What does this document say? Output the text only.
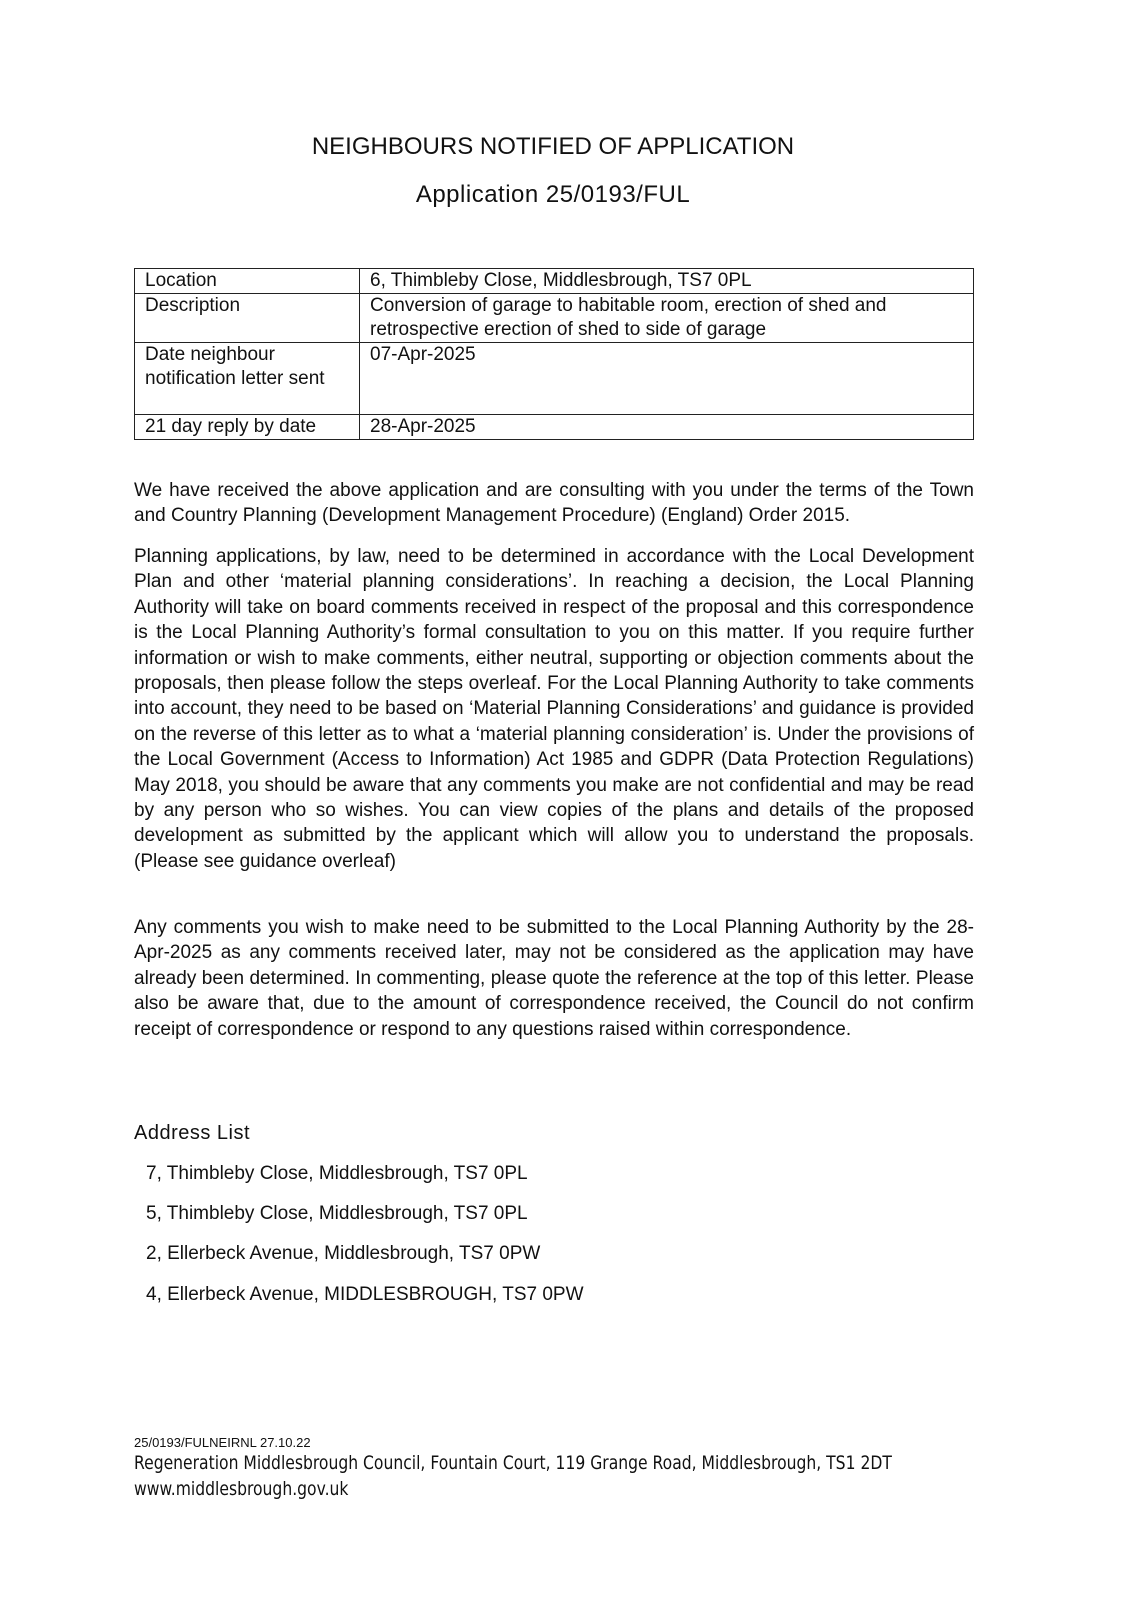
NEIGHBOURS NOTIFIED OF APPLICATION
Application 25/0193/FUL
Location	6, Thimbleby Close, Middlesbrough, TS7 0PL
Description	Conversion of garage to habitable room, erection of shed and retrospective erection of shed to side of garage
Date neighbour notification letter sent	07-Apr-2025
21 day reply by date	28-Apr-2025

We have received the above application and are consulting with you under the terms of the Town and Country Planning (Development Management Procedure) (England) Order 2015.

Planning applications, by law, need to be determined in accordance with the Local Development Plan and other ‘material planning considerations’. In reaching a decision, the Local Planning Authority will take on board comments received in respect of the proposal and this correspondence is the Local Planning Authority’s formal consultation to you on this matter. If you require further information or wish to make comments, either neutral, supporting or objection comments about the proposals, then please follow the steps overleaf. For the Local Planning Authority to take comments into account, they need to be based on ‘Material Planning Considerations’ and guidance is provided on the reverse of this letter as to what a ‘material planning consideration’ is. Under the provisions of the Local Government (Access to Information) Act 1985 and GDPR (Data Protection Regulations) May 2018, you should be aware that any comments you make are not confidential and may be read by any person who so wishes. You can view copies of the plans and details of the proposed development as submitted by the applicant which will allow you to understand the proposals. (Please see guidance overleaf)

Any comments you wish to make need to be submitted to the Local Planning Authority by the 28-Apr-2025 as any comments received later, may not be considered as the application may have already been determined. In commenting, please quote the reference at the top of this letter. Please also be aware that, due to the amount of correspondence received, the Council do not confirm receipt of correspondence or respond to any questions raised within correspondence.

Address List
7, Thimbleby Close, Middlesbrough, TS7 0PL
5, Thimbleby Close, Middlesbrough, TS7 0PL
2, Ellerbeck Avenue, Middlesbrough, TS7 0PW
4, Ellerbeck Avenue, MIDDLESBROUGH, TS7 0PW
25/0193/FULNEIRNL 27.10.22
Regeneration Middlesbrough Council, Fountain Court, 119 Grange Road, Middlesbrough, TS1 2DT
www.middlesbrough.gov.uk
